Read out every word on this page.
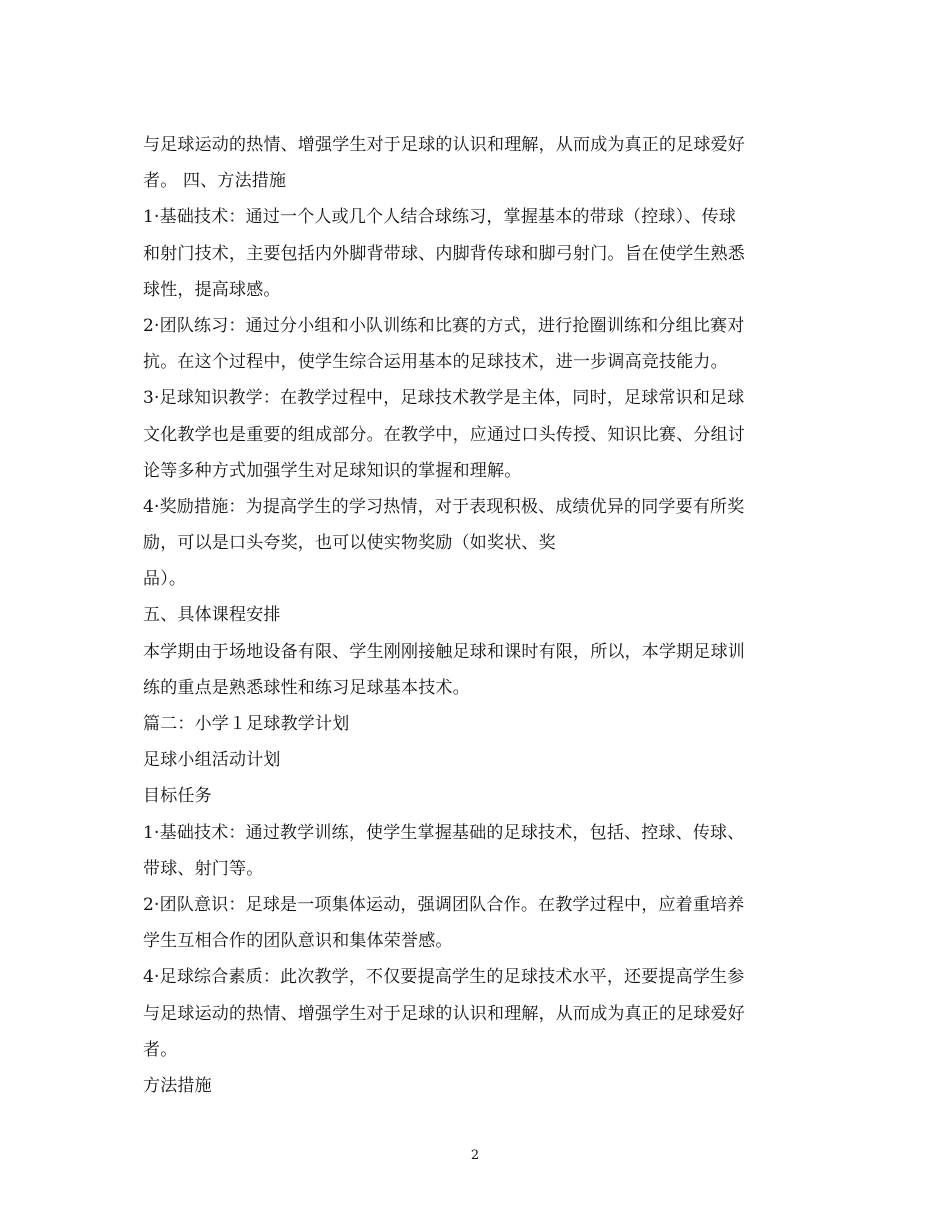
与足球运动的热情、增强学生对于足球的认识和理解，从而成为真正的足球爱好
者。 四、方法措施
1·基础技术：通过一个人或几个人结合球练习，掌握基本的带球（控球）、传球
和射门技术，主要包括内外脚背带球、内脚背传球和脚弓射门。旨在使学生熟悉
球性，提高球感。
2·团队练习：通过分小组和小队训练和比赛的方式，进行抢圈训练和分组比赛对
抗。在这个过程中，使学生综合运用基本的足球技术，进一步调高竞技能力。
3·足球知识教学：在教学过程中，足球技术教学是主体，同时，足球常识和足球
文化教学也是重要的组成部分。在教学中，应通过口头传授、知识比赛、分组讨
论等多种方式加强学生对足球知识的掌握和理解。
4·奖励措施：为提高学生的学习热情，对于表现积极、成绩优异的同学要有所奖
励，可以是口头夸奖，也可以使实物奖励（如奖状、奖
品）。
五、具体课程安排
本学期由于场地设备有限、学生刚刚接触足球和课时有限，所以，本学期足球训
练的重点是熟悉球性和练习足球基本技术。
篇二：小学１足球教学计划
足球小组活动计划
目标任务
1·基础技术：通过教学训练，使学生掌握基础的足球技术，包括、控球、传球、
带球、射门等。
2·团队意识：足球是一项集体运动，强调团队合作。在教学过程中，应着重培养
学生互相合作的团队意识和集体荣誉感。
4·足球综合素质：此次教学，不仅要提高学生的足球技术水平，还要提高学生参
与足球运动的热情、增强学生对于足球的认识和理解，从而成为真正的足球爱好
者。
方法措施
2
